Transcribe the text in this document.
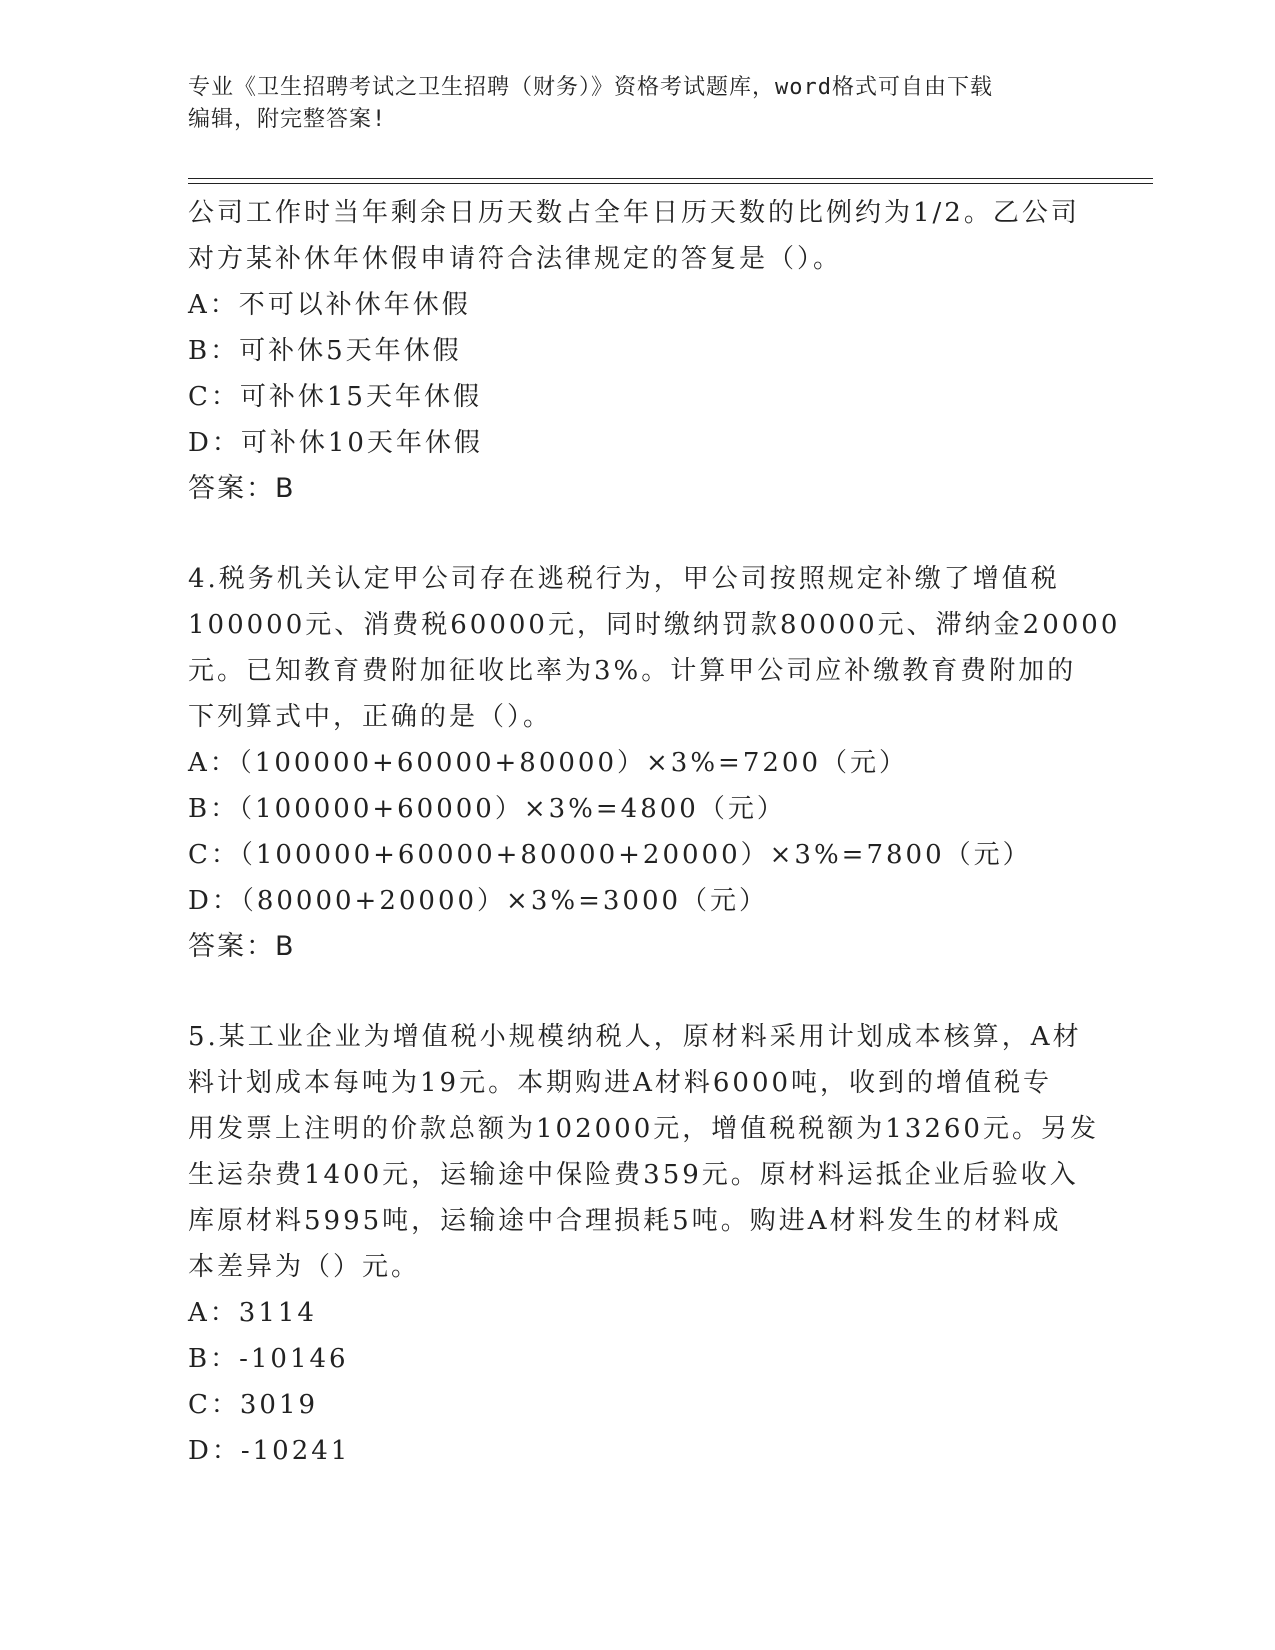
专业《卫生招聘考试之卫生招聘（财务）》资格考试题库，word格式可自由下载
编辑，附完整答案!
公司工作时当年剩余日历天数占全年日历天数的比例约为1/2。乙公司
对方某补休年休假申请符合法律规定的答复是（）。
A：不可以补休年休假
B：可补休5天年休假
C：可补休15天年休假
D：可补休10天年休假
答案：B
4.税务机关认定甲公司存在逃税行为，甲公司按照规定补缴了增值税
100000元、消费税60000元，同时缴纳罚款80000元、滞纳金20000
元。已知教育费附加征收比率为3%。计算甲公司应补缴教育费附加的
下列算式中，正确的是（）。
A：（100000+60000+80000）×3%=7200（元）
B：（100000+60000）×3%=4800（元）
C：（100000+60000+80000+20000）×3%=7800（元）
D：（80000+20000）×3%=3000（元）
答案：B
5.某工业企业为增值税小规模纳税人，原材料采用计划成本核算，A材
料计划成本每吨为19元。本期购进A材料6000吨，收到的增值税专
用发票上注明的价款总额为102000元，增值税税额为13260元。另发
生运杂费1400元，运输途中保险费359元。原材料运抵企业后验收入
库原材料5995吨，运输途中合理损耗5吨。购进A材料发生的材料成
本差异为（）元。
A：3114
B：-10146
C：3019
D：-10241
